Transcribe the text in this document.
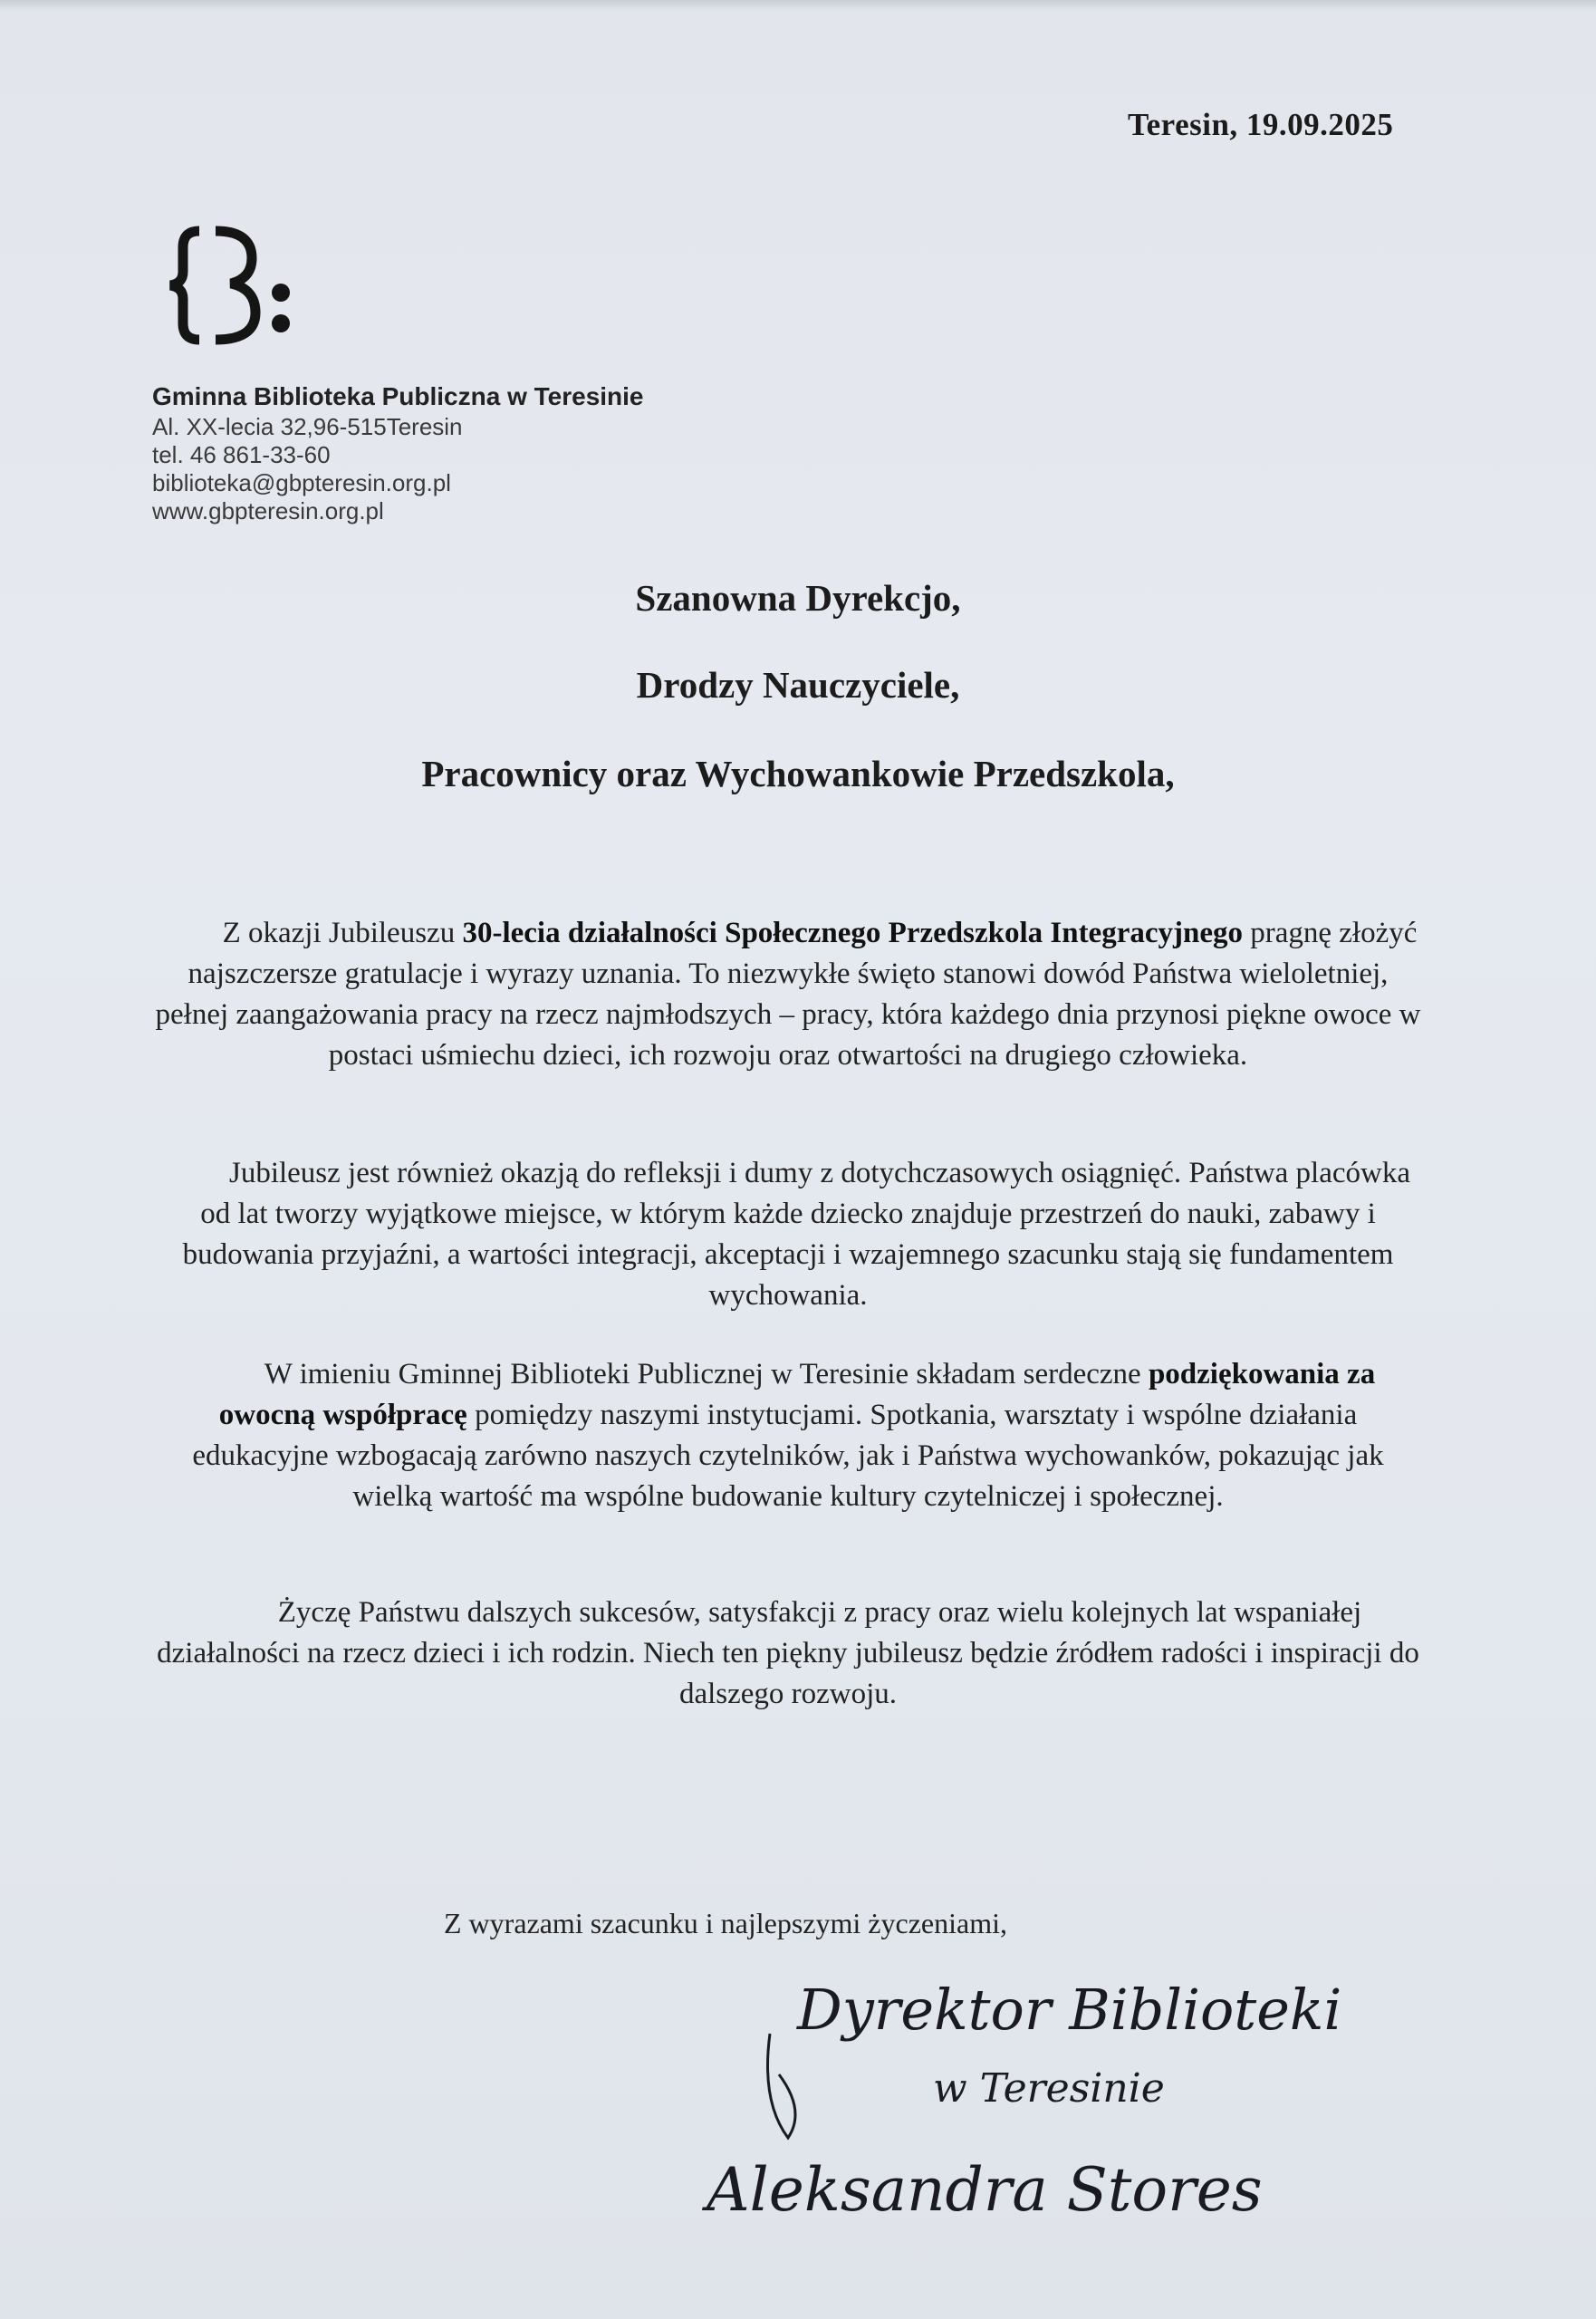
Teresin, 19.09.2025
Gminna Biblioteka Publiczna w Teresinie
Al. XX-lecia 32,96-515Teresin
tel. 46 861-33-60
biblioteka@gbpteresin.org.pl
www.gbpteresin.org.pl
Szanowna Dyrekcjo,
Drodzy Nauczyciele,
Pracownicy oraz Wychowankowie Przedszkola,

Z okazji Jubileuszu 30-lecia działalności Społecznego Przedszkola Integracyjnego pragnę złożyć najszczersze gratulacje i wyrazy uznania. To niezwykłe święto stanowi dowód Państwa wieloletniej, pełnej zaangażowania pracy na rzecz najmłodszych – pracy, która każdego dnia przynosi piękne owoce w postaci uśmiechu dzieci, ich rozwoju oraz otwartości na drugiego człowieka.

Jubileusz jest również okazją do refleksji i dumy z dotychczasowych osiągnięć. Państwa placówka od lat tworzy wyjątkowe miejsce, w którym każde dziecko znajduje przestrzeń do nauki, zabawy i budowania przyjaźni, a wartości integracji, akceptacji i wzajemnego szacunku stają się fundamentem wychowania.

W imieniu Gminnej Biblioteki Publicznej w Teresinie składam serdeczne podziękowania za owocną współpracę pomiędzy naszymi instytucjami. Spotkania, warsztaty i wspólne działania edukacyjne wzbogacają zarówno naszych czytelników, jak i Państwa wychowanków, pokazując jak wielką wartość ma wspólne budowanie kultury czytelniczej i społecznej.

Życzę Państwu dalszych sukcesów, satysfakcji z pracy oraz wielu kolejnych lat wspaniałej działalności na rzecz dzieci i ich rodzin. Niech ten piękny jubileusz będzie źródłem radości i inspiracji do dalszego rozwoju.

Z wyrazami szacunku i najlepszymi życzeniami,
Dyrektor Biblioteki
w Teresinie
Aleksandra Stores
